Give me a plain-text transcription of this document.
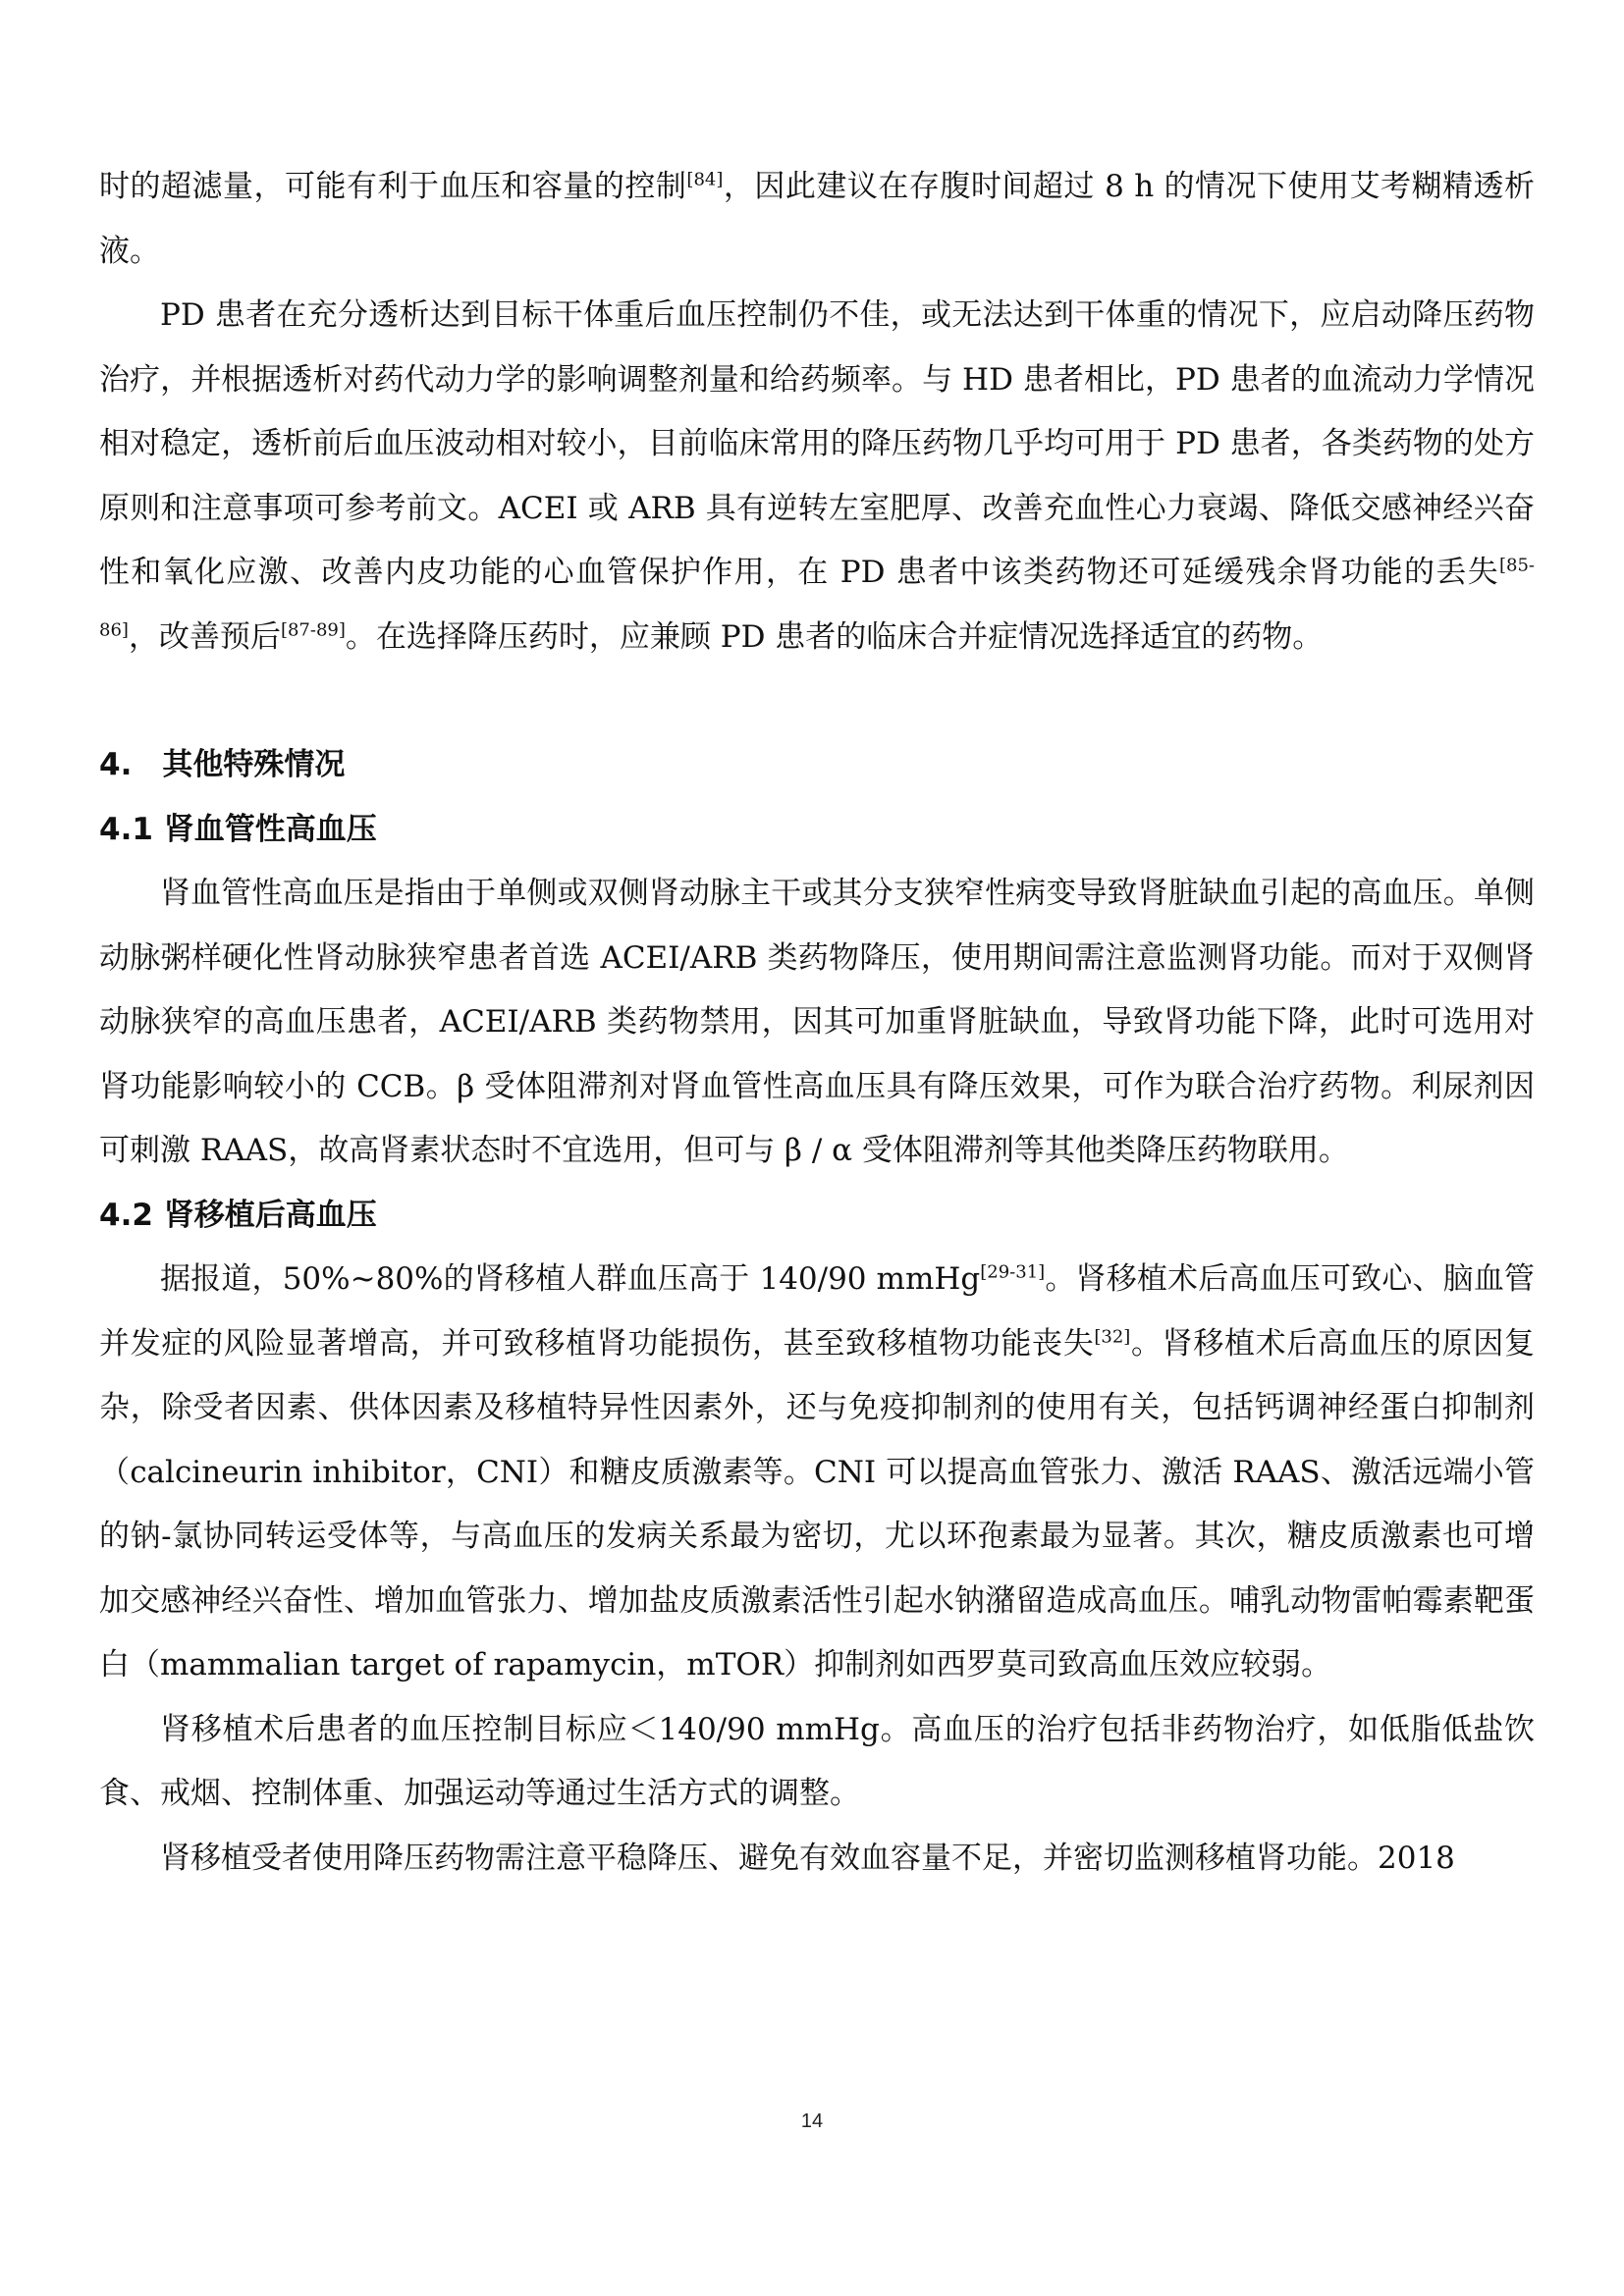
时的超滤量，可能有利于血压和容量的控制[84]，因此建议在存腹时间超过 8 h 的情况下使用艾考糊精透析液。

PD 患者在充分透析达到目标干体重后血压控制仍不佳，或无法达到干体重的情况下，应启动降压药物治疗，并根据透析对药代动力学的影响调整剂量和给药频率。与 HD 患者相比，PD 患者的血流动力学情况相对稳定，透析前后血压波动相对较小，目前临床常用的降压药物几乎均可用于 PD 患者，各类药物的处方原则和注意事项可参考前文。ACEI 或 ARB 具有逆转左室肥厚、改善充血性心力衰竭、降低交感神经兴奋性和氧化应激、改善内皮功能的心血管保护作用，在 PD 患者中该类药物还可延缓残余肾功能的丢失[85-86]，改善预后[87-89]。在选择降压药时，应兼顾 PD 患者的临床合并症情况选择适宜的药物。

4.　其他特殊情况
4.1 肾血管性高血压

肾血管性高血压是指由于单侧或双侧肾动脉主干或其分支狭窄性病变导致肾脏缺血引起的高血压。单侧动脉粥样硬化性肾动脉狭窄患者首选 ACEI/ARB 类药物降压，使用期间需注意监测肾功能。而对于双侧肾动脉狭窄的高血压患者，ACEI/ARB 类药物禁用，因其可加重肾脏缺血，导致肾功能下降，此时可选用对肾功能影响较小的 CCB。β 受体阻滞剂对肾血管性高血压具有降压效果，可作为联合治疗药物。利尿剂因可刺激 RAAS，故高肾素状态时不宜选用，但可与 β / α 受体阻滞剂等其他类降压药物联用。

4.2 肾移植后高血压

据报道，50%~80%的肾移植人群血压高于 140/90 mmHg[29-31]。肾移植术后高血压可致心、脑血管并发症的风险显著增高，并可致移植肾功能损伤，甚至致移植物功能丧失[32]。肾移植术后高血压的原因复杂，除受者因素、供体因素及移植特异性因素外，还与免疫抑制剂的使用有关，包括钙调神经蛋白抑制剂（calcineurin inhibitor，CNI）和糖皮质激素等。CNI 可以提高血管张力、激活 RAAS、激活远端小管的钠-氯协同转运受体等，与高血压的发病关系最为密切，尤以环孢素最为显著。其次，糖皮质激素也可增加交感神经兴奋性、增加血管张力、增加盐皮质激素活性引起水钠潴留造成高血压。哺乳动物雷帕霉素靶蛋白（mammalian target of rapamycin，mTOR）抑制剂如西罗莫司致高血压效应较弱。

肾移植术后患者的血压控制目标应＜140/90 mmHg。高血压的治疗包括非药物治疗，如低脂低盐饮食、戒烟、控制体重、加强运动等通过生活方式的调整。

肾移植受者使用降压药物需注意平稳降压、避免有效血容量不足，并密切监测移植肾功能。2018

14
